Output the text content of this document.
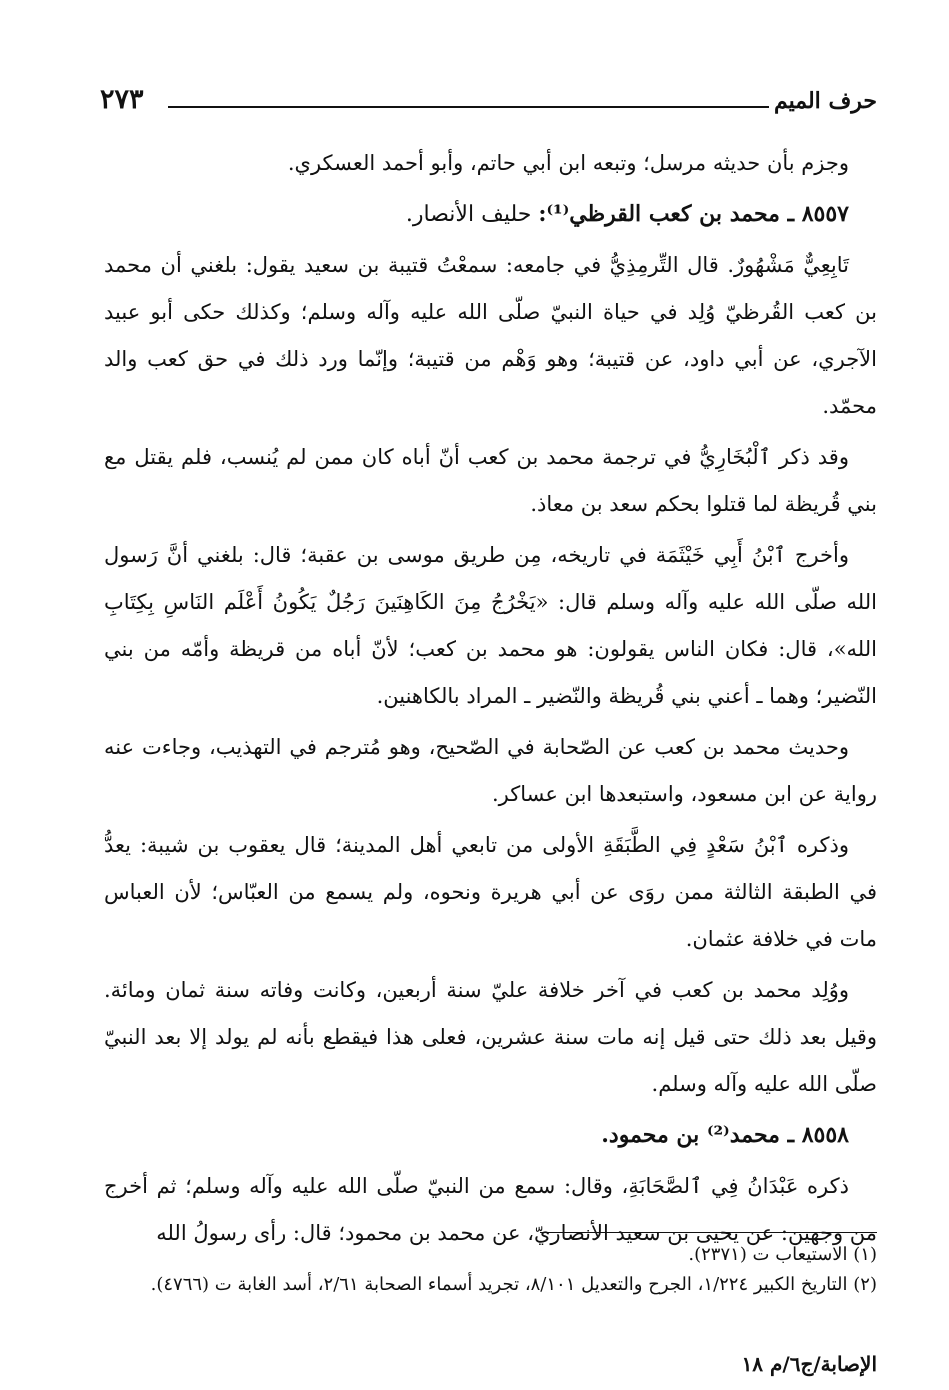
حرف الميم
٢٧٣

وجزم بأن حديثه مرسل؛ وتبعه ابن أبي حاتم، وأبو أحمد العسكري.

٨٥٥٧ ـ محمد بن كعب القرظي⁽¹⁾: حليف الأنصار.

تَابِعِيٌّ مَشْهُورٌ. قال التِّرمِذِيُّ في جامعه: سمعْتُ قتيبة بن سعيد يقول: بلغني أن محمد بن كعب القُرظيّ وُلِد في حياة النبيّ صلّى الله عليه وآله وسلم؛ وكذلك حكى أبو عبيد الآجري، عن أبي داود، عن قتيبة؛ وهو وَهْم من قتيبة؛ وإنّما ورد ذلك في حق كعب والد محمّد.

وقد ذكر ٱلْبُخَارِيُّ في ترجمة محمد بن كعب أنّ أباه كان ممن لم يُنسب، فلم يقتل مع بني قُريظة لما قتلوا بحكم سعد بن معاذ.

وأخرج ٱبْنُ أَبِي خَيْثَمَة في تاريخه، مِن طريق موسى بن عقبة؛ قال: بلغني أنَّ رَسول الله صلّى الله عليه وآله وسلم قال: «يَخْرُجُ مِنَ الكَاهِنَينَ رَجُلٌ يَكُونُ أَعْلَم النَاسِ بِكِتَابِ الله»، قال: فكان الناس يقولون: هو محمد بن كعب؛ لأنّ أباه من قريظة وأمّه من بني النّضير؛ وهما ـ أعني بني قُريظة والنّضير ـ المراد بالكاهنين.

وحديث محمد بن كعب عن الصّحابة في الصّحيح، وهو مُترجم في التهذيب، وجاءت عنه رواية عن ابن مسعود، واستبعدها ابن عساكر.

وذكره ٱبْنُ سَعْدٍ فِي الطَّبَقَةِ الأولى من تابعي أهل المدينة؛ قال يعقوب بن شيبة: يعدُّ في الطبقة الثالثة ممن روَى عن أبي هريرة ونحوه، ولم يسمع من العبّاس؛ لأن العباس مات في خلافة عثمان.

ووُلِد محمد بن كعب في آخر خلافة عليّ سنة أربعين، وكانت وفاته سنة ثمان ومائة. وقيل بعد ذلك حتى قيل إنه مات سنة عشرين، فعلى هذا فيقطع بأنه لم يولد إلا بعد النبيّ صلّى الله عليه وآله وسلم.

٨٥٥٨ ـ محمد⁽²⁾ بن محمود.

ذكره عَبْدَانُ فِي ٱلصَّحَابَةِ، وقال: سمع من النبيّ صلّى الله عليه وآله وسلم؛ ثم أخرج من وجهين: عن يحيى بن سعيد الأنصاريّ، عن محمد بن محمود؛ قال: رأى رسولُ الله

(١) الاستيعاب ت (٢٣٧١).

(٢) التاريخ الكبير ١/٢٢٤، الجرح والتعديل ٨/١٠١، تجريد أسماء الصحابة ٢/٦١، أسد الغابة ت (٤٧٦٦).

الإصابة/ج٦/م ١٨
